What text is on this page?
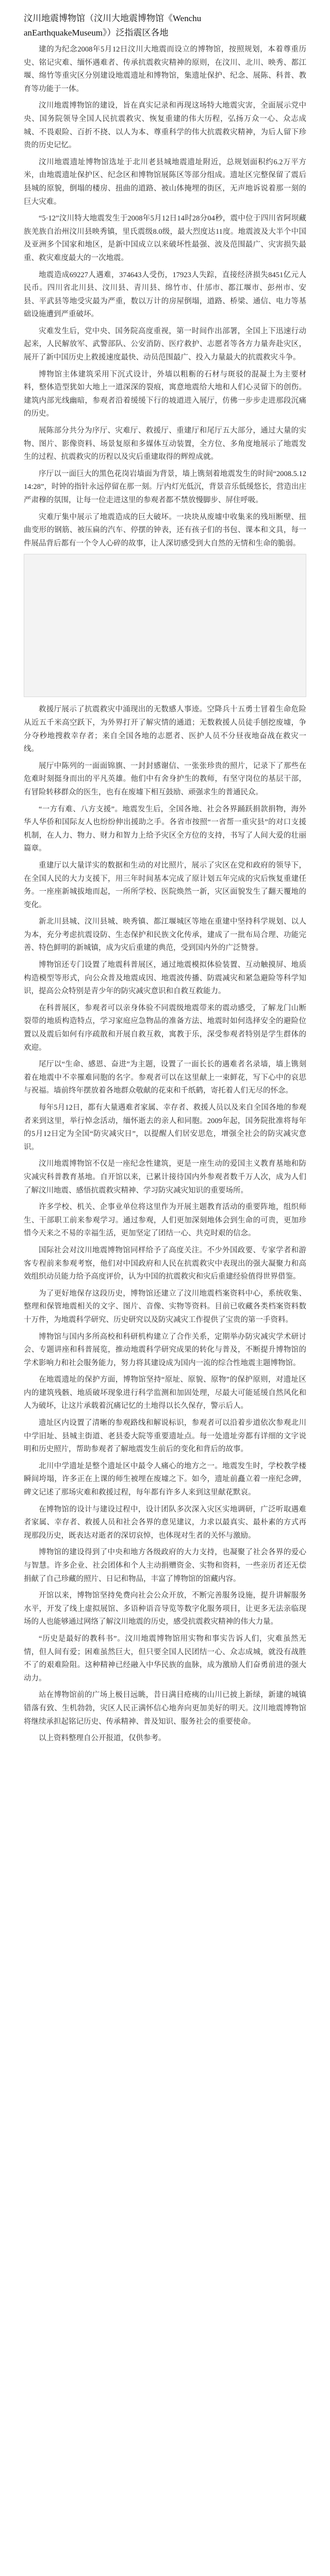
汶川地震博物馆（汶川大地震博物馆《Wenchu
anEarthquakeMuseum》）泛指震区各地

建的为纪念2008年5月12日汶川大地震而设立的博物馆，按照规划，本着尊重历史、铭记灾难、缅怀遇难者、传承抗震救灾精神的原则，在汶川、北川、映秀、都江堰、绵竹等重灾区分别建设地震遗址和博物馆，集遗址保护、纪念、展陈、科普、教育等功能于一体。

汶川地震博物馆的建设，旨在真实记录和再现这场特大地震灾害，全面展示党中央、国务院领导全国人民抗震救灾、恢复重建的伟大历程，弘扬万众一心、众志成城、不畏艰险、百折不挠、以人为本、尊重科学的伟大抗震救灾精神，为后人留下珍贵的历史记忆。

汶川地震遗址博物馆选址于北川老县城地震遗址附近，总规划面积约6.2万平方米，由地震遗址保护区、纪念区和博物馆展陈区等部分组成。遗址区完整保留了震后县城的原貌，倒塌的楼房、扭曲的道路、被山体掩埋的街区，无声地诉说着那一刻的巨大灾难。

“5·12”汶川特大地震发生于2008年5月12日14时28分04秒，震中位于四川省阿坝藏族羌族自治州汶川县映秀镇，里氏震级8.0级，最大烈度达11度。地震波及大半个中国及亚洲多个国家和地区，是新中国成立以来破坏性最强、波及范围最广、灾害损失最重、救灾难度最大的一次地震。

地震造成69227人遇难，374643人受伤，17923人失踪，直接经济损失8451亿元人民币。四川省北川县、汶川县、青川县、绵竹市、什邡市、都江堰市、彭州市、安县、平武县等地受灾最为严重，数以万计的房屋倒塌，道路、桥梁、通信、电力等基础设施遭到严重破坏。

灾难发生后，党中央、国务院高度重视，第一时间作出部署，全国上下迅速行动起来，人民解放军、武警部队、公安消防、医疗救护、志愿者等各方力量奔赴灾区，展开了新中国历史上救援速度最快、动员范围最广、投入力量最大的抗震救灾斗争。

博物馆主体建筑采用下沉式设计，外墙以粗粝的石材与斑驳的混凝土为主要材料，整体造型犹如大地上一道深深的裂痕，寓意地震给大地和人们心灵留下的创伤。建筑内部光线幽暗，参观者沿着缓缓下行的坡道进入展厅，仿佛一步步走进那段沉痛的历史。

展陈部分共分为序厅、灾难厅、救援厅、重建厅和尾厅五大部分，通过大量的实物、图片、影像资料、场景复原和多媒体互动装置，全方位、多角度地展示了地震发生的过程、抗震救灾的历程以及灾后重建取得的辉煌成就。

序厅以一面巨大的黑色花岗岩墙面为背景，墙上镌刻着地震发生的时间“2008.5.12 14:28”，时钟的指针永远停留在那一刻。厅内灯光低沉，背景音乐低缓悠长，营造出庄严肃穆的氛围，让每一位走进这里的参观者都不禁放慢脚步、屏住呼吸。

灾难厅集中展示了地震造成的巨大破坏。一块块从废墟中收集来的残垣断壁、扭曲变形的钢筋、被压扁的汽车、停摆的钟表，还有孩子们的书包、课本和文具，每一件展品背后都有一个令人心碎的故事，让人深切感受到大自然的无情和生命的脆弱。

救援厅展示了抗震救灾中涌现出的无数感人事迹。空降兵十五勇士冒着生命危险从近五千米高空跃下，为外界打开了解灾情的通道；无数救援人员徒手刨挖废墟，争分夺秒地搜救幸存者；来自全国各地的志愿者、医护人员不分昼夜地奋战在救灾一线。

展厅中陈列的一面面锦旗、一封封感谢信、一张张珍贵的照片，记录下了那些在危难时刻挺身而出的平凡英雄。他们中有舍身护生的教师，有坚守岗位的基层干部，有冒险转移群众的医生，也有在废墟下相互鼓励、顽强求生的普通民众。

“一方有难、八方支援”。地震发生后，全国各地、社会各界踊跃捐款捐物，海外华人华侨和国际友人也纷纷伸出援助之手。各省市按照“一省帮一重灾县”的对口支援机制，在人力、物力、财力和智力上给予灾区全方位的支持，书写了人间大爱的壮丽篇章。

重建厅以大量详实的数据和生动的对比照片，展示了灾区在党和政府的领导下，在全国人民的大力支援下，用三年时间基本完成了原计划五年完成的灾后恢复重建任务。一座座新城拔地而起，一所所学校、医院焕然一新，灾区面貌发生了翻天覆地的变化。

新北川县城、汶川县城、映秀镇、都江堰城区等地在重建中坚持科学规划、以人为本，充分考虑抗震设防、生态保护和民族文化传承，建成了一批布局合理、功能完善、特色鲜明的新城镇，成为灾后重建的典范，受到国内外的广泛赞誉。

博物馆还专门设置了地震科普展区，通过地震模拟体验装置、互动触摸屏、地质构造模型等形式，向公众普及地震成因、地震波传播、防震减灾和紧急避险等科学知识，提高公众特别是青少年的防灾减灾意识和自救互救能力。

在科普展区，参观者可以亲身体验不同震级地震带来的震动感受，了解龙门山断裂带的地质构造特点，学习家庭应急物品的准备方法、地震时如何选择安全的避险位置以及震后如何有序疏散和开展自救互救，寓教于乐，深受参观者特别是学生群体的欢迎。

尾厅以“生命、感恩、奋进”为主题，设置了一面长长的遇难者名录墙，墙上镌刻着在地震中不幸罹难同胞的名字。参观者可以在这里献上一束鲜花，写下心中的哀思与祝福。墙前终年摆放着各地群众敬献的花束和千纸鹤，寄托着人们无尽的怀念。

每年5月12日，都有大量遇难者家属、幸存者、救援人员以及来自全国各地的参观者来到这里，举行悼念活动，缅怀逝去的亲人和同胞。2009年起，国务院批准将每年的5月12日定为全国“防灾减灾日”，以提醒人们居安思危，增强全社会的防灾减灾意识。

汶川地震博物馆不仅是一座纪念性建筑，更是一座生动的爱国主义教育基地和防灾减灾科普教育基地。自开馆以来，已累计接待国内外参观者数千万人次，成为人们了解汶川地震、感悟抗震救灾精神、学习防灾减灾知识的重要场所。

许多学校、机关、企事业单位将这里作为开展主题教育活动的重要阵地，组织师生、干部职工前来参观学习。通过参观，人们更加深刻地体会到生命的可贵，更加珍惜今天来之不易的幸福生活，更加坚定了团结一心、共克时艰的信念。

国际社会对汶川地震博物馆同样给予了高度关注。不少外国政要、专家学者和游客专程前来参观考察，他们对中国政府和人民在抗震救灾中表现出的强大凝聚力和高效组织动员能力给予高度评价，认为中国的抗震救灾和灾后重建经验值得世界借鉴。

为了更好地保存这段历史，博物馆还建立了汶川地震档案资料中心，系统收集、整理和保管地震相关的文字、图片、音像、实物等资料。目前已收藏各类档案资料数十万件，为地震科学研究、历史研究以及防灾减灾工作提供了宝贵的第一手资料。

博物馆与国内多所高校和科研机构建立了合作关系，定期举办防灾减灾学术研讨会、专题讲座和科普展览，推动地震科学研究成果的转化与普及，不断提升博物馆的学术影响力和社会服务能力，努力将其建设成为国内一流的综合性地震主题博物馆。

在地震遗址的保护方面，博物馆坚持“原址、原貌、原物”的保护原则，对遗址区内的建筑残骸、地质破坏现象进行科学监测和加固处理，尽最大可能延缓自然风化和人为破坏，让这片承载着沉痛记忆的土地得以长久保存，警示后人。

遗址区内设置了清晰的参观路线和解说标识，参观者可以沿着步道依次参观北川中学旧址、县城主街道、老县委大院等重要遗址点。每一处遗址旁都有详细的文字说明和历史照片，帮助参观者了解地震发生前后的变化和背后的故事。

北川中学遗址是整个遗址区中最令人痛心的地方之一。地震发生时，学校教学楼瞬间垮塌，许多正在上课的师生被埋在废墟之下。如今，遗址前矗立着一座纪念碑，碑文记述了那场灾难和救援过程，每年都有许多人来到这里献花默哀。

在博物馆的设计与建设过程中，设计团队多次深入灾区实地调研，广泛听取遇难者家属、幸存者、救援人员和社会各界的意见建议，力求以最真实、最朴素的方式再现那段历史，既表达对逝者的深切哀悼，也体现对生者的关怀与激励。

博物馆的建设得到了中央和地方各级政府的大力支持，也凝聚了社会各界的爱心与智慧。许多企业、社会团体和个人主动捐赠资金、实物和资料，一些亲历者还无偿捐献了自己珍藏的照片、日记和物品，丰富了博物馆的馆藏内容。

开馆以来，博物馆坚持免费向社会公众开放，不断完善服务设施，提升讲解服务水平，开发了线上虚拟展馆、多语种语音导览等数字化服务项目，让更多无法亲临现场的人也能够通过网络了解汶川地震的历史，感受抗震救灾精神的伟大力量。

“历史是最好的教科书”。汶川地震博物馆用实物和事实告诉人们，灾难虽然无情，但人间有爱；困难虽然巨大，但只要全国人民团结一心、众志成城，就没有战胜不了的艰难险阻。这种精神已经融入中华民族的血脉，成为激励人们奋勇前进的强大动力。

站在博物馆前的广场上极目远眺，昔日满目疮痍的山川已披上新绿，新建的城镇错落有致、生机勃勃，灾区人民正满怀信心地奔向更加美好的明天。汶川地震博物馆将继续承担起铭记历史、传承精神、普及知识、服务社会的重要使命。

以上资料整理自公开报道，仅供参考。
